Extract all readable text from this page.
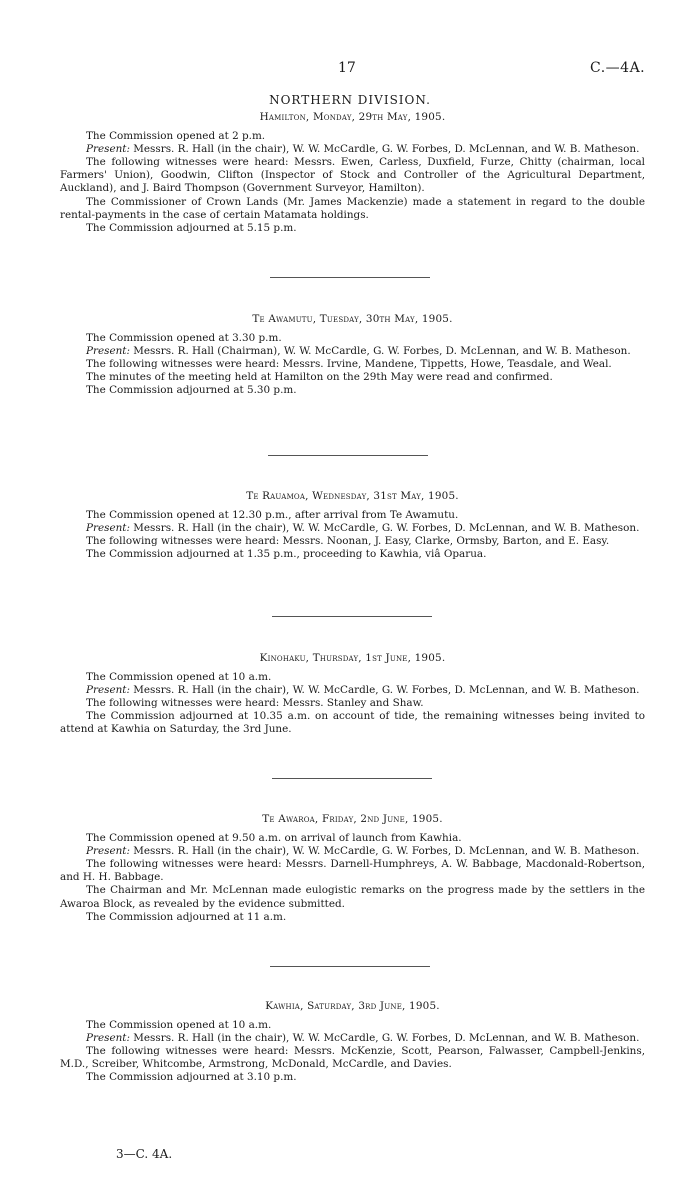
17	C.—4A.
NORTHERN DIVISION.
Hamilton, Monday, 29th May, 1905.

The Commission opened at 2 p.m.

Present: Messrs. R. Hall (in the chair), W. W. McCardle, G. W. Forbes, D. McLennan, and W. B. Matheson.

The following witnesses were heard: Messrs. Ewen, Carless, Duxfield, Furze, Chitty (chairman, local Farmers' Union), Goodwin, Clifton (Inspector of Stock and Controller of the Agricultural Department, Auckland), and J. Baird Thompson (Government Surveyor, Hamilton).

The Commissioner of Crown Lands (Mr. James Mackenzie) made a statement in regard to the double rental-payments in the case of certain Matamata holdings.

The Commission adjourned at 5.15 p.m.

Te Awamutu, Tuesday, 30th May, 1905.

The Commission opened at 3.30 p.m.

Present: Messrs. R. Hall (Chairman), W. W. McCardle, G. W. Forbes, D. McLennan, and W. B. Matheson.

The following witnesses were heard: Messrs. Irvine, Mandene, Tippetts, Howe, Teasdale, and Weal.

The minutes of the meeting held at Hamilton on the 29th May were read and confirmed.

The Commission adjourned at 5.30 p.m.

Te Rauamoa, Wednesday, 31st May, 1905.

The Commission opened at 12.30 p.m., after arrival from Te Awamutu.

Present: Messrs. R. Hall (in the chair), W. W. McCardle, G. W. Forbes, D. McLennan, and W. B. Matheson.

The following witnesses were heard: Messrs. Noonan, J. Easy, Clarke, Ormsby, Barton, and E. Easy.

The Commission adjourned at 1.35 p.m., proceeding to Kawhia, viâ Oparua.

Kinohaku, Thursday, 1st June, 1905.

The Commission opened at 10 a.m.

Present: Messrs. R. Hall (in the chair), W. W. McCardle, G. W. Forbes, D. McLennan, and W. B. Matheson.

The following witnesses were heard: Messrs. Stanley and Shaw.

The Commission adjourned at 10.35 a.m. on account of tide, the remaining witnesses being invited to attend at Kawhia on Saturday, the 3rd June.

Te Awaroa, Friday, 2nd June, 1905.

The Commission opened at 9.50 a.m. on arrival of launch from Kawhia.

Present: Messrs. R. Hall (in the chair), W. W. McCardle, G. W. Forbes, D. McLennan, and W. B. Matheson.

The following witnesses were heard: Messrs. Darnell-Humphreys, A. W. Babbage, Macdonald-Robertson, and H. H. Babbage.

The Chairman and Mr. McLennan made eulogistic remarks on the progress made by the settlers in the Awaroa Block, as revealed by the evidence submitted.

The Commission adjourned at 11 a.m.

Kawhia, Saturday, 3rd June, 1905.

The Commission opened at 10 a.m.

Present: Messrs. R. Hall (in the chair), W. W. McCardle, G. W. Forbes, D. McLennan, and W. B. Matheson.

The following witnesses were heard: Messrs. McKenzie, Scott, Pearson, Falwasser, Campbell-Jenkins, M.D., Screiber, Whitcombe, Armstrong, McDonald, McCardle, and Davies.

The Commission adjourned at 3.10 p.m.

3—C. 4A.
